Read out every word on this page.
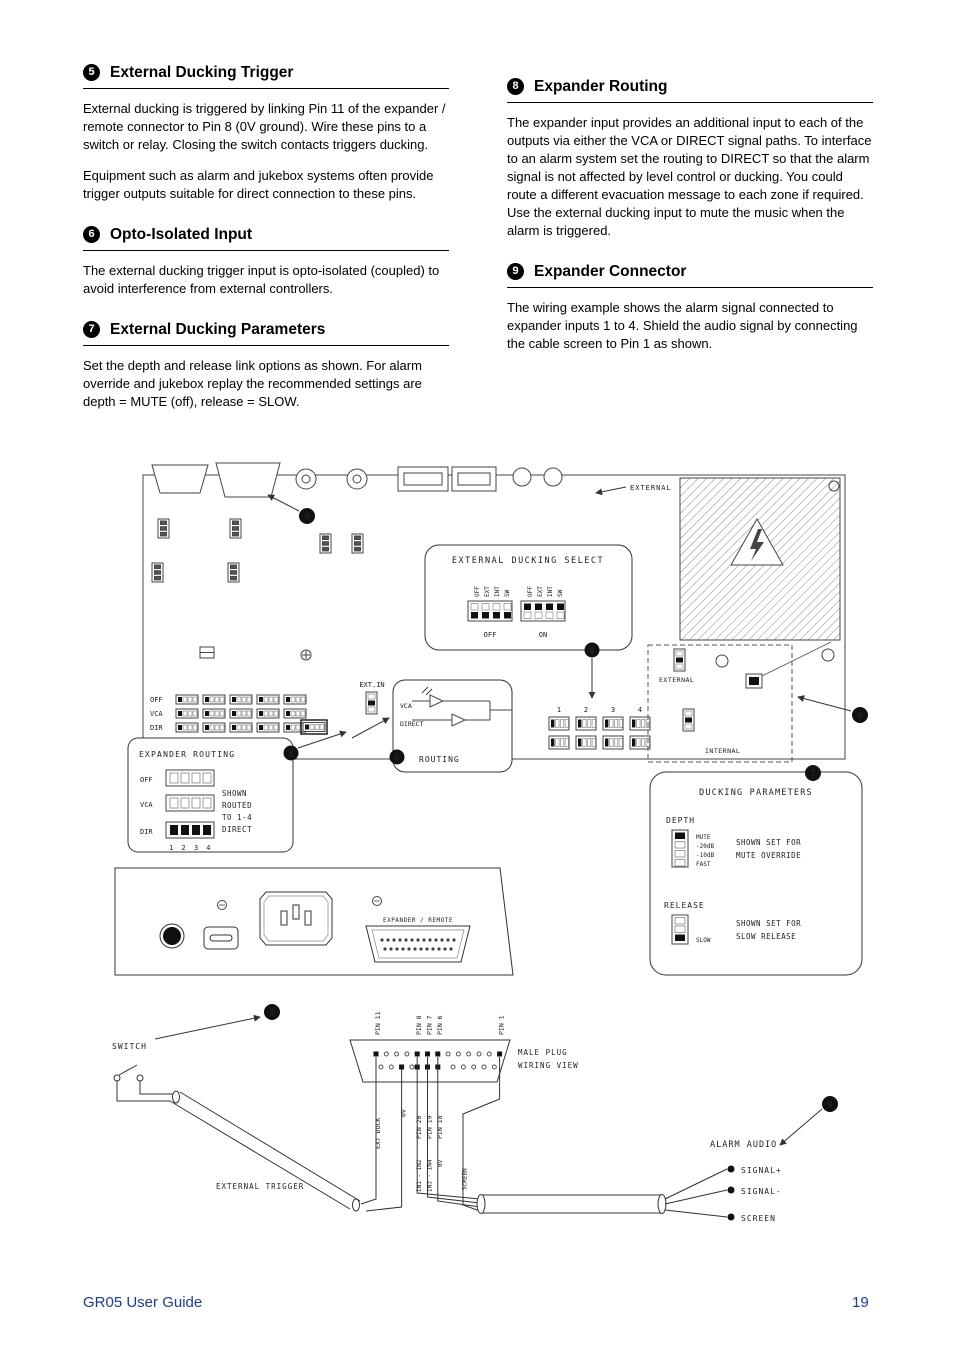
5 External Ducking Trigger

External ducking is triggered by linking Pin 11 of the expander / remote connector to Pin 8 (0V ground). Wire these pins to a switch or relay. Closing the switch contacts triggers ducking.

Equipment such as alarm and jukebox systems often provide trigger outputs suitable for direct connection to these pins.

6 Opto-Isolated Input

The external ducking trigger input is opto-isolated (coupled) to avoid interference from external controllers.

7 External Ducking Parameters

Set the depth and release link options as shown. For alarm override and jukebox replay the recommended settings are depth = MUTE (off), release = SLOW.

8 Expander Routing

The expander input provides an additional input to each of the outputs via either the VCA or DIRECT signal paths. To interface to an alarm system set the routing to DIRECT so that the alarm signal is not affected by level control or ducking. You could route a different evacuation message to each zone if required. Use the external ducking input to mute the music when the alarm is triggered.

9 Expander Connector

The wiring example shows the alarm signal connected to expander inputs 1 to 4. Shield the audio signal by connecting the cable screen to Pin 1 as shown.

EXTERNAL
9
EXTERNAL DUCKING SELECT
OFF EXT INT SW
OFF
OFF EXT INT SW
ON
8
1	2	3	4
EXT.IN
OFF
VCA
DIR
VCA
DIRECT
ROUTING
6
EXTERNAL
INTERNAL
6
EXPANDER ROUTING
OFF
VCA
DIR
1 2 3 4
SHOWN
ROUTED
TO 1-4
DIRECT
8
DUCKING PARAMETERS
DEPTH
MUTE
-20dB
-10dB
FAST
SHOWN SET FOR
MUTE OVERRIDE
RELEASE
SLOW
SHOWN SET FOR
SLOW RELEASE
7
EXPANDER / REMOTE
5
SWITCH
EXTERNAL TRIGGER
PIN 11	PIN 8 PIN 7 PIN 6	PIN 1
MALE PLUG
WIRING VIEW
EXT DUCK
0V
PIN 20 PIN 19 PIN 18
IN1 - IN2 IN3 - IN4 0V
SCREEN
ALARM AUDIO
SIGNAL+
SIGNAL-
SCREEN
9
GR05 User Guide	19
